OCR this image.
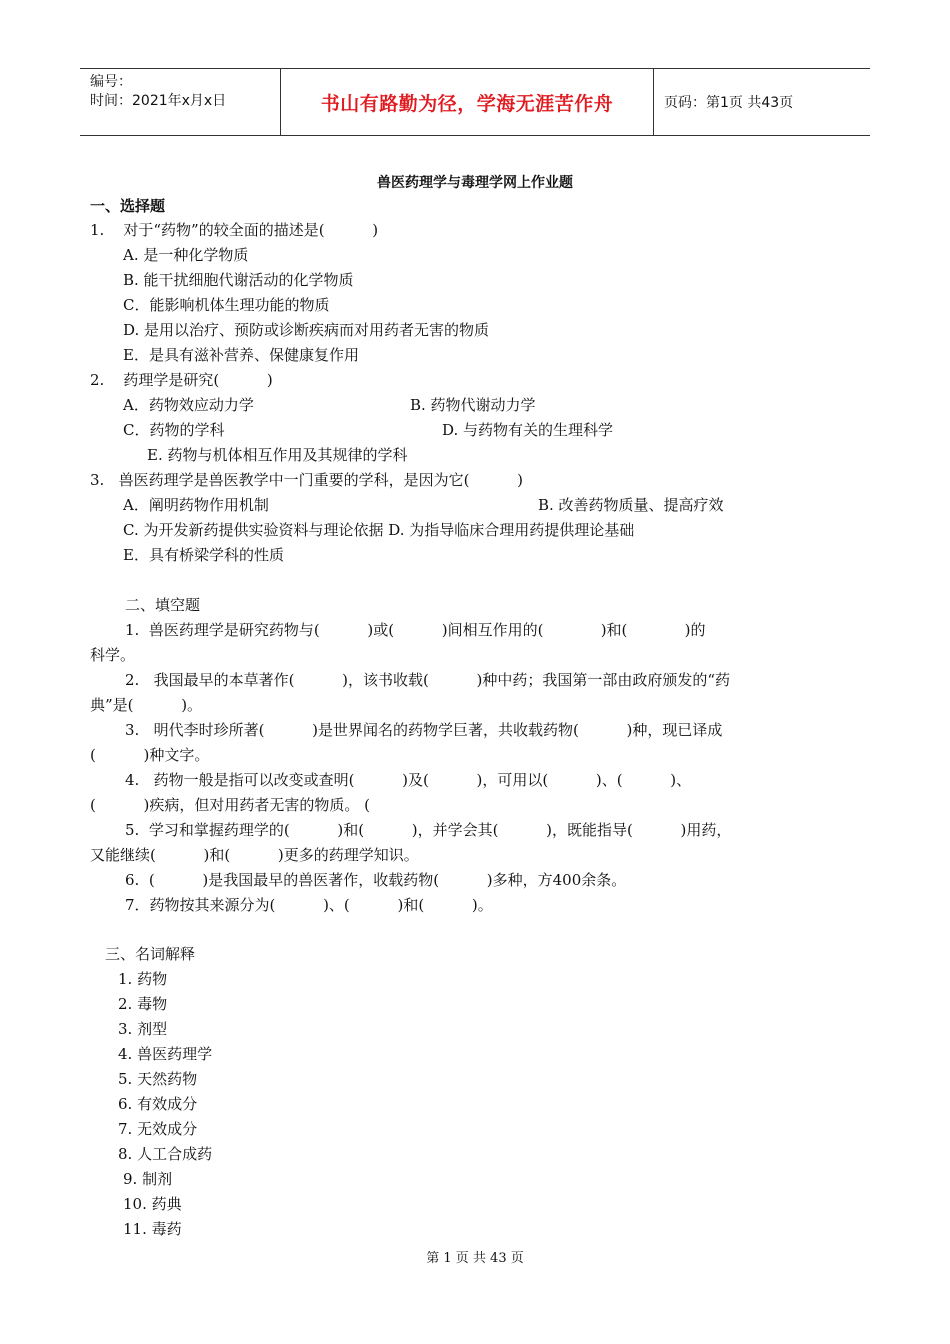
编号：
时间：2021年x月x日	书山有路勤为径，学海无涯苦作舟	页码：第1页 共43页
兽医药理学与毒理学网上作业题
一、选择题
1.    对于“药物”的较全面的描述是(          )
A. 是一种化学物质
B. 能干扰细胞代谢活动的化学物质
C．能影响机体生理功能的物质
D. 是用以治疗、预防或诊断疾病而对用药者无害的物质
E．是具有滋补营养、保健康复作用
2.    药理学是研究(          )
A．药物效应动力学	B. 药物代谢动力学
C．药物的学科	D. 与药物有关的生理科学
E. 药物与机体相互作用及其规律的学科
3.   兽医药理学是兽医教学中一门重要的学科，是因为它(          )
A．阐明药物作用机制	B. 改善药物质量、提高疗效
C. 为开发新药提供实验资料与理论依据 D. 为指导临床合理用药提供理论基础
E．具有桥梁学科的性质
二、填空题
1.  兽医药理学是研究药物与(          )或(          )间相互作用的(            )和(            )的
科学。
2.   我国最早的本草著作(          )，该书收载(          )种中药；我国第一部由政府颁发的“药
典”是(          )。
3.   明代李时珍所著(          )是世界闻名的药物学巨著，共收载药物(          )种，现已译成
(          )种文字。
4.   药物一般是指可以改变或查明(          )及(          )，可用以(          )、(          )、
(          )疾病，但对用药者无害的物质。 (
5.  学习和掌握药理学的(          )和(          )，并学会其(          )，既能指导(          )用药，
又能继续(          )和(          )更多的药理学知识。
6.  (          )是我国最早的兽医著作，收载药物(          )多种，方400余条。
7．药物按其来源分为(          )、(          )和(          )。
三、名词解释
1. 药物
2. 毒物
3. 剂型
4. 兽医药理学
5. 天然药物
6. 有效成分
7. 无效成分
8. 人工合成药
9. 制剂
10. 药典
11. 毒药
第 1 页 共 43 页
